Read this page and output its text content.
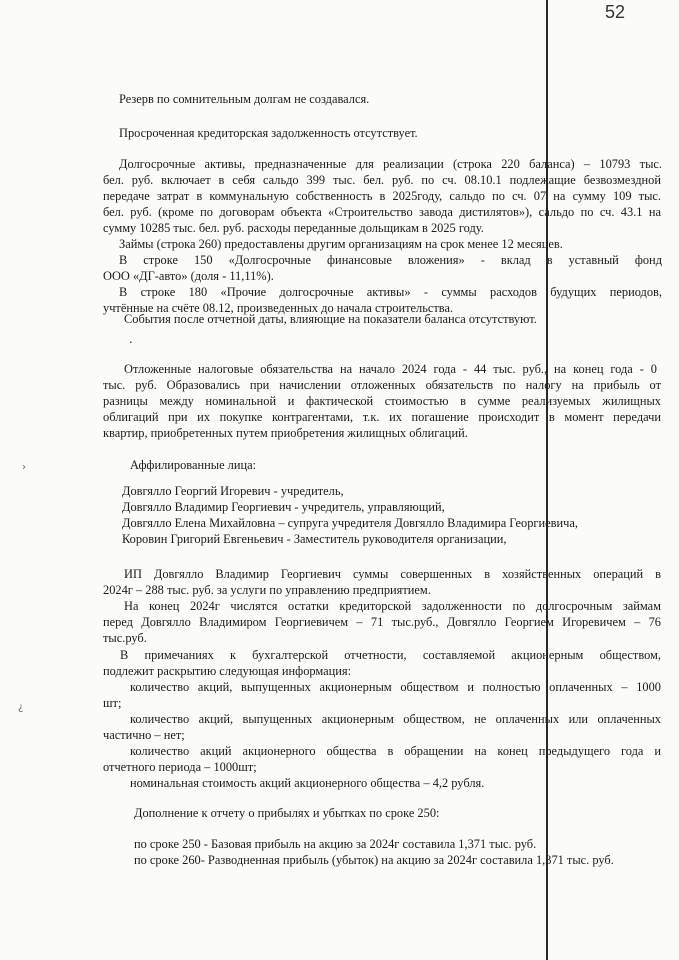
52
›
¿
.
Резерв по сомнительным долгам не создавался.
Просроченная кредиторская задолженность отсутствует.
Долгосрочные активы, предназначенные для реализации (строка 220 баланса) – 10793 тыс.
бел. руб. включает в себя сальдо 399 тыс. бел. руб. по сч. 08.10.1 подлежащие безвозмездной
передаче затрат в коммунальную собственность в 2025году, сальдо по сч. 07 на сумму 109 тыс.
бел. руб. (кроме по договорам объекта «Строительство завода дистилятов»), сальдо по сч. 43.1 на
сумму 10285 тыс. бел. руб. расходы переданные дольщикам в 2025 году.
Займы (строка 260) предоставлены другим организациям на срок менее 12 месяцев.
В строке 150 «Долгосрочные финансовые вложения» - вклад в уставный фонд
ООО «ДГ-авто» (доля - 11,11%).
В строке 180 «Прочие долгосрочные активы» - суммы расходов будущих периодов,
учтённые на счёте 08.12, произведенных до начала строительства.
События после отчетной даты, влияющие на показатели баланса отсутствуют.
Отложенные налоговые обязательства на начало 2024 года - 44 тыс. руб., на конец года - 0
тыс. руб. Образовались при начислении отложенных обязательств по налогу на прибыль от
разницы между номинальной и фактической стоимостью в сумме реализуемых жилищных
облигаций при их покупке контрагентами, т.к. их погашение происходит в момент передачи
квартир, приобретенных путем приобретения жилищных облигаций.
Аффилированные лица:
Довгялло Георгий Игоревич - учредитель,
Довгялло Владимир Георгиевич - учредитель, управляющий,
Довгялло Елена Михайловна – супруга учредителя Довгялло Владимира Георгиевича,
Коровин Григорий Евгеньевич - Заместитель руководителя организации,
ИП Довгялло Владимир Георгиевич суммы совершенных в хозяйственных операций в
2024г – 288 тыс. руб. за услуги по управлению предприятием.
На конец 2024г числятся остатки кредиторской задолженности по долгосрочным займам
перед Довгялло Владимиром Георгиевичем – 71 тыс.руб., Довгялло Георгием Игоревичем – 76
тыс.руб.
В примечаниях к бухгалтерской отчетности, составляемой акционерным обществом,
подлежит раскрытию следующая информация:
количество акций, выпущенных акционерным обществом и полностью оплаченных – 1000
шт;
количество акций, выпущенных акционерным обществом, не оплаченных или оплаченных
частично – нет;
количество акций акционерного общества в обращении на конец предыдущего года и
отчетного периода – 1000шт;
номинальная стоимость акций акционерного общества – 4,2 рубля.
Дополнение к отчету о прибылях и убытках по сроке 250:
по сроке 250 - Базовая прибыль на акцию за 2024г составила 1,371 тыс. руб.
по сроке 260- Разводненная прибыль (убыток) на акцию за 2024г составила 1,371 тыс. руб.
